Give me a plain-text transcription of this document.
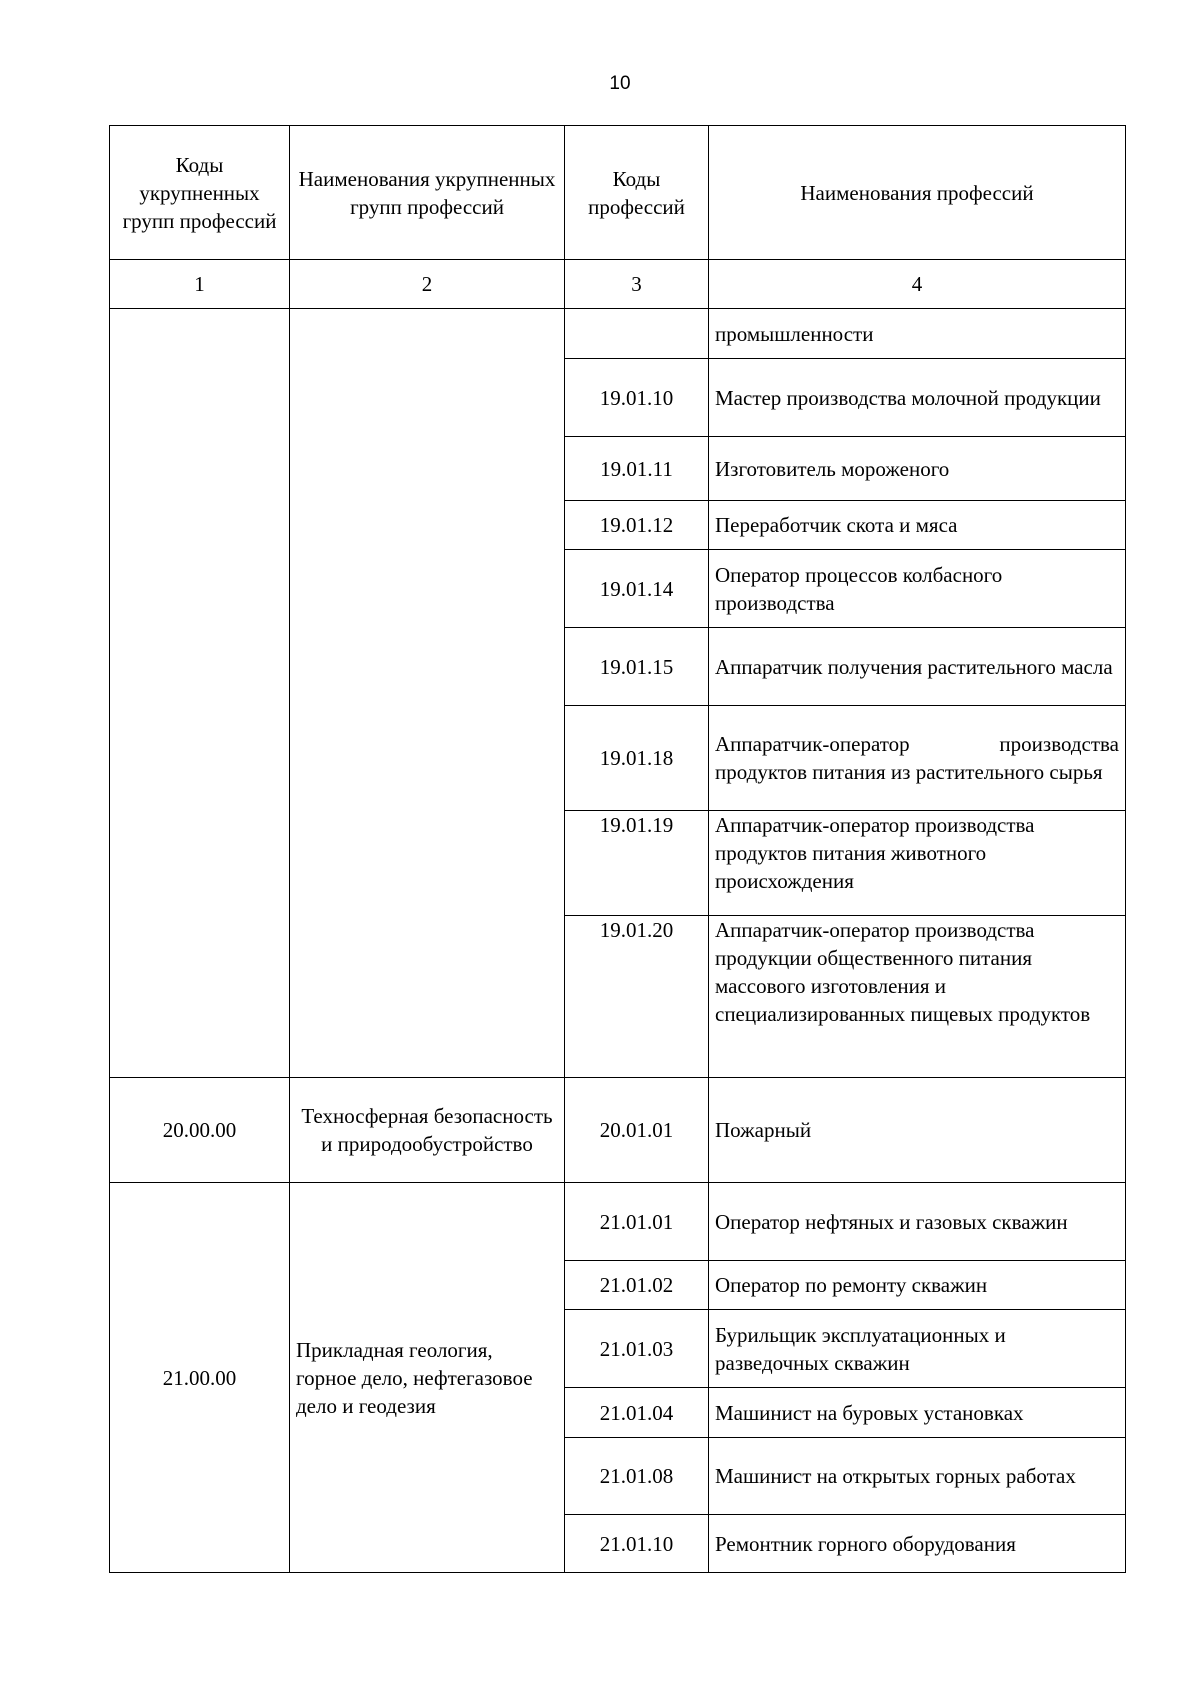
10
Коды укрупненных групп профессий	Наименования укрупненных групп профессий	Коды профессий	Наименования профессий
1	2	3	4
			промышленности
		19.01.10	Мастер производства молочной продукции
		19.01.11	Изготовитель мороженого
		19.01.12	Переработчик скота и мяса
		19.01.14	Оператор процессов колбасного производства
		19.01.15	Аппаратчик получения растительного масла
		19.01.18	Аппаратчик-оператор производства продуктов питания из растительного сырья
		19.01.19	Аппаратчик-оператор производства продуктов питания животного происхождения
		19.01.20	Аппаратчик-оператор производства продукции общественного питания массового изготовления и специализированных пищевых продуктов
20.00.00	Техносферная безопасность и природообустройство	20.01.01	Пожарный
21.00.00	Прикладная геология, горное дело, нефтегазовое дело и геодезия	21.01.01	Оператор нефтяных и газовых скважин
		21.01.02	Оператор по ремонту скважин
		21.01.03	Бурильщик эксплуатационных и разведочных скважин
		21.01.04	Машинист на буровых установках
		21.01.08	Машинист на открытых горных работах
		21.01.10	Ремонтник горного оборудования
